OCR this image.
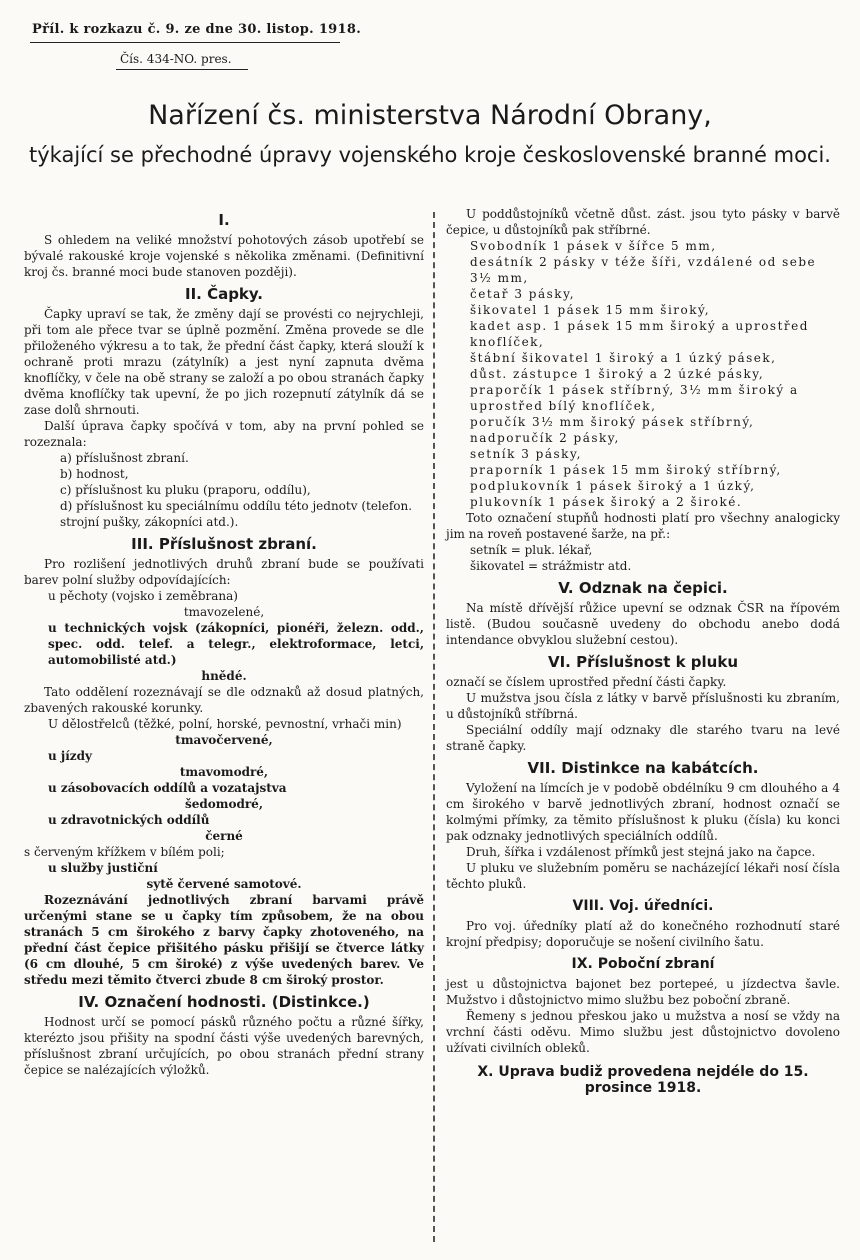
Příl. k rozkazu č. 9. ze dne 30. listop. 1918.
Čís. 434-NO. pres.
Nařízení čs. ministerstva Národní Obrany,
týkající se přechodné úpravy vojenského kroje československé branné moci.
I.

S ohledem na veliké množství pohotových zásob upotřebí se bývalé rakouské kroje vojenské s několika změnami. (Definitivní kroj čs. branné moci bude stanoven později).

II. Čapky.

Čapky upraví se tak, že změny dají se provésti co nejrychleji, při tom ale přece tvar se úplně pozmění. Změna provede se dle přiloženého výkresu a to tak, že přední část čapky, která slouží k ochraně proti mrazu (zátylník) a jest nyní zapnuta dvěma knoflíčky, v čele na obě strany se založí a po obou stranách čapky dvěma knoflíčky tak upevní, že po jich rozepnutí zátylník dá se zase dolů shrnouti.

Další úprava čapky spočívá v tom, aby na první pohled se rozeznala:

a) příslušnost zbraní.

b) hodnost,

c) příslušnost ku pluku (praporu, oddílu),

d) příslušnost ku speciálnímu oddílu této jednotv (telefon. strojní pušky, zákopníci atd.).

III. Příslušnost zbraní.

Pro rozlišení jednotlivých druhů zbraní bude se používati barev polní služby odpovídajících:

u pěchoty (vojsko i zeměbrana)

tmavozelené,

u technických vojsk (zákopníci, pionéři, železn. odd., spec. odd. telef. a telegr., elektroformace, letci, automobilisté atd.)

hnědé.

Tato oddělení rozeznávají se dle odznaků až dosud platných, zbavených rakouské korunky.

U dělostřelců (těžké, polní, horské, pevnostní, vrhači min)

tmavočervené,

u jízdy

tmavomodré,

u zásobovacích oddílů a vozatajstva

šedomodré,

u zdravotnických oddílů

černé

s červeným křížkem v bílém poli;

u služby justiční

sytě červené samotové.

Rozeznávání jednotlivých zbraní barvami právě určenými stane se u čapky tím způsobem, že na obou stranách 5 cm širokého z barvy čapky zhotoveného, na přední část čepice přišitého pásku přišijí se čtverce látky (6 cm dlouhé, 5 cm široké) z výše uvedených barev. Ve středu mezi těmito čtverci zbude 8 cm široký prostor.

IV. Označení hodnosti. (Distinkce.)

Hodnost určí se pomocí pásků různého počtu a různé šířky, kterézto jsou přišity na spodní části výše uvedených barevných, příslušnost zbraní určujících, po obou stranách přední strany čepice se nalézajících výložků.

U poddůstojníků včetně důst. zást. jsou tyto pásky v barvě čepice, u důstojníků pak stříbrné.

Svobodník 1 pásek v šířce 5 mm,

desátník 2 pásky v téže šíři, vzdálené od sebe 3½ mm,

četař 3 pásky,

šikovatel 1 pásek 15 mm široký,

kadet asp. 1 pásek 15 mm široký a uprostřed knoflíček,

štábní šikovatel 1 široký a 1 úzký pásek,

důst. zástupce 1 široký a 2 úzké pásky,

praporčík 1 pásek stříbrný, 3½ mm široký a uprostřed bílý knoflíček,

poručík 3½ mm široký pásek stříbrný,

nadporučík 2 pásky,

setník 3 pásky,

praporník 1 pásek 15 mm široký stříbrný,

podplukovník 1 pásek široký a 1 úzký,

plukovník 1 pásek široký a 2 široké.

Toto označení stupňů hodnosti platí pro všechny analogicky jim na roveň postavené šarže, na př.:

setník = pluk. lékař,

šikovatel = strážmistr atd.

V. Odznak na čepici.

Na místě dřívější růžice upevní se odznak ČSR na řípovém listě. (Budou současně uvedeny do obchodu anebo dodá intendance obvyklou služební cestou).

VI. Příslušnost k pluku

označí se číslem uprostřed přední části čapky.

U mužstva jsou čísla z látky v barvě příslušnosti ku zbraním, u důstojníků stříbrná.

Speciální oddíly mají odznaky dle starého tvaru na levé straně čapky.

VII. Distinkce na kabátcích.

Vyložení na límcích je v podobě obdélníku 9 cm dlouhého a 4 cm širokého v barvě jednotlivých zbraní, hodnost označí se kolmými přímky, za těmito příslušnost k pluku (čísla) ku konci pak odznaky jednotlivých speciálních oddílů.

Druh, šířka i vzdálenost přímků jest stejná jako na čapce.

U pluku ve služebním poměru se nacházející lékaři nosí čísla těchto pluků.

VIII. Voj. úředníci.

Pro voj. úředníky platí až do konečného rozhodnutí staré krojní předpisy; doporučuje se nošení civilního šatu.

IX. Poboční zbraní

jest u důstojnictva bajonet bez portepeé, u jízdectva šavle. Mužstvo i důstojnictvo mimo službu bez poboční zbraně.

Řemeny s jednou přeskou jako u mužstva a nosí se vždy na vrchní části oděvu. Mimo službu jest důstojnictvo dovoleno užívati civilních obleků.

X. Uprava budiž provedena nejdéle do 15. prosince 1918.
